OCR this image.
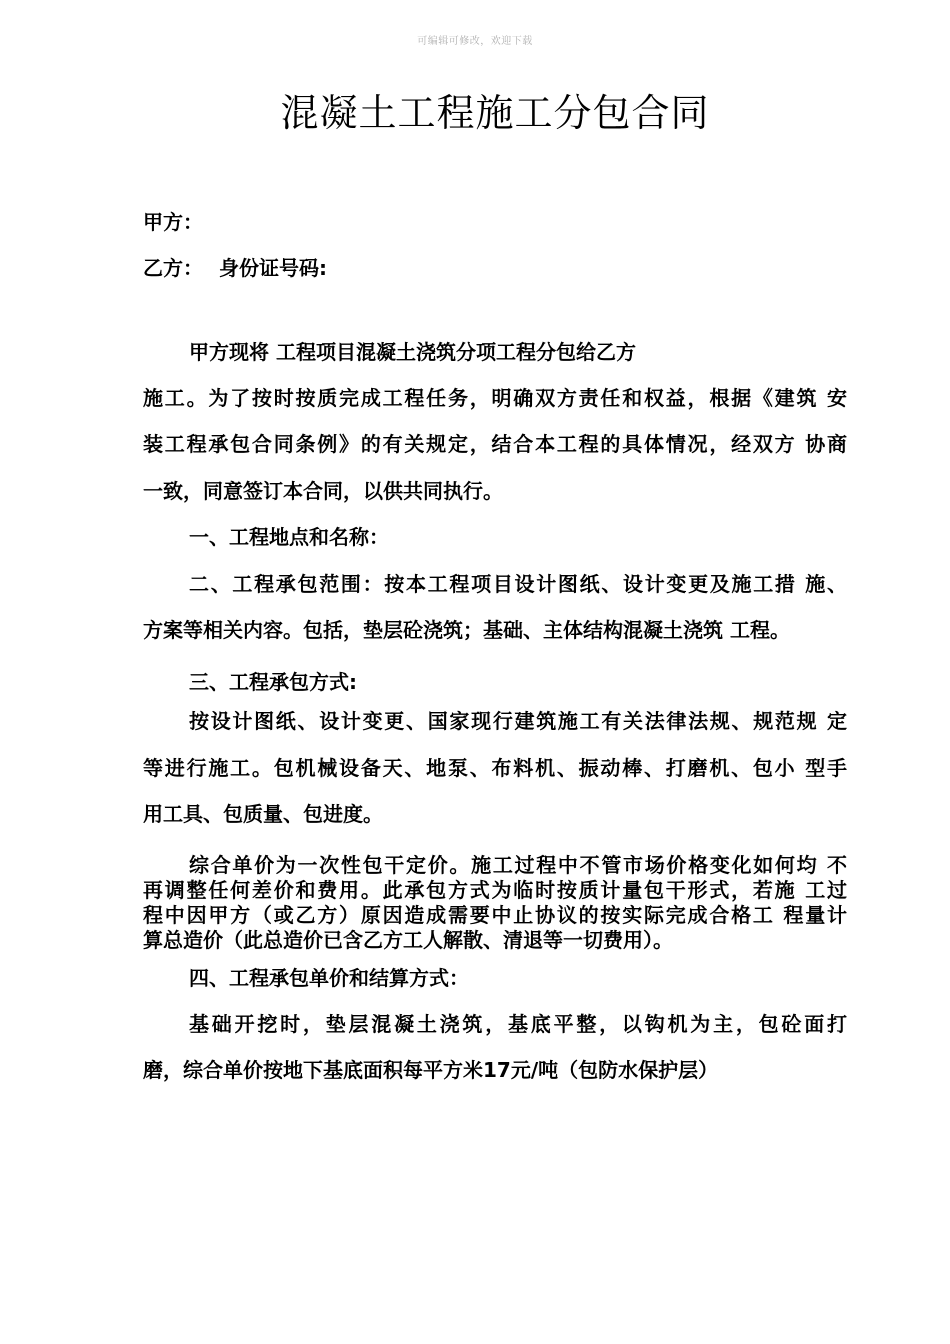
可编辑可修改，欢迎下载
混凝土工程施工分包合同
甲方：
乙方： 身份证号码:
甲方现将 工程项目混凝土浇筑分项工程分包给乙方
施工。为了按时按质完成工程任务，明确双方责任和权益，根据《建筑 安
装工程承包合同条例》的有关规定，结合本工程的具体情况，经双方 协商
一致，同意签订本合同，以供共同执行。
一、工程地点和名称：
二、工程承包范围：按本工程项目设计图纸、设计变更及施工措 施、
方案等相关内容。包括，垫层砼浇筑；基础、主体结构混凝土浇筑 工程。
三、工程承包方式:
按设计图纸、设计变更、国家现行建筑施工有关法律法规、规范规 定
等进行施工。包机械设备天、地泵、布料机、振动棒、打磨机、包小 型手
用工具、包质量、包进度。
综合单价为一次性包干定价。施工过程中不管市场价格变化如何均 不
再调整任何差价和费用。此承包方式为临时按质计量包干形式，若施 工过
程中因甲方（或乙方）原因造成需要中止协议的按实际完成合格工 程量计
算总造价（此总造价已含乙方工人解散、清退等一切费用）。
四、工程承包单价和结算方式：
基础开挖时，垫层混凝土浇筑，基底平整，以钩机为主，包砼面打
磨，综合单价按地下基底面积每平方米17元/吨（包防水保护层）
